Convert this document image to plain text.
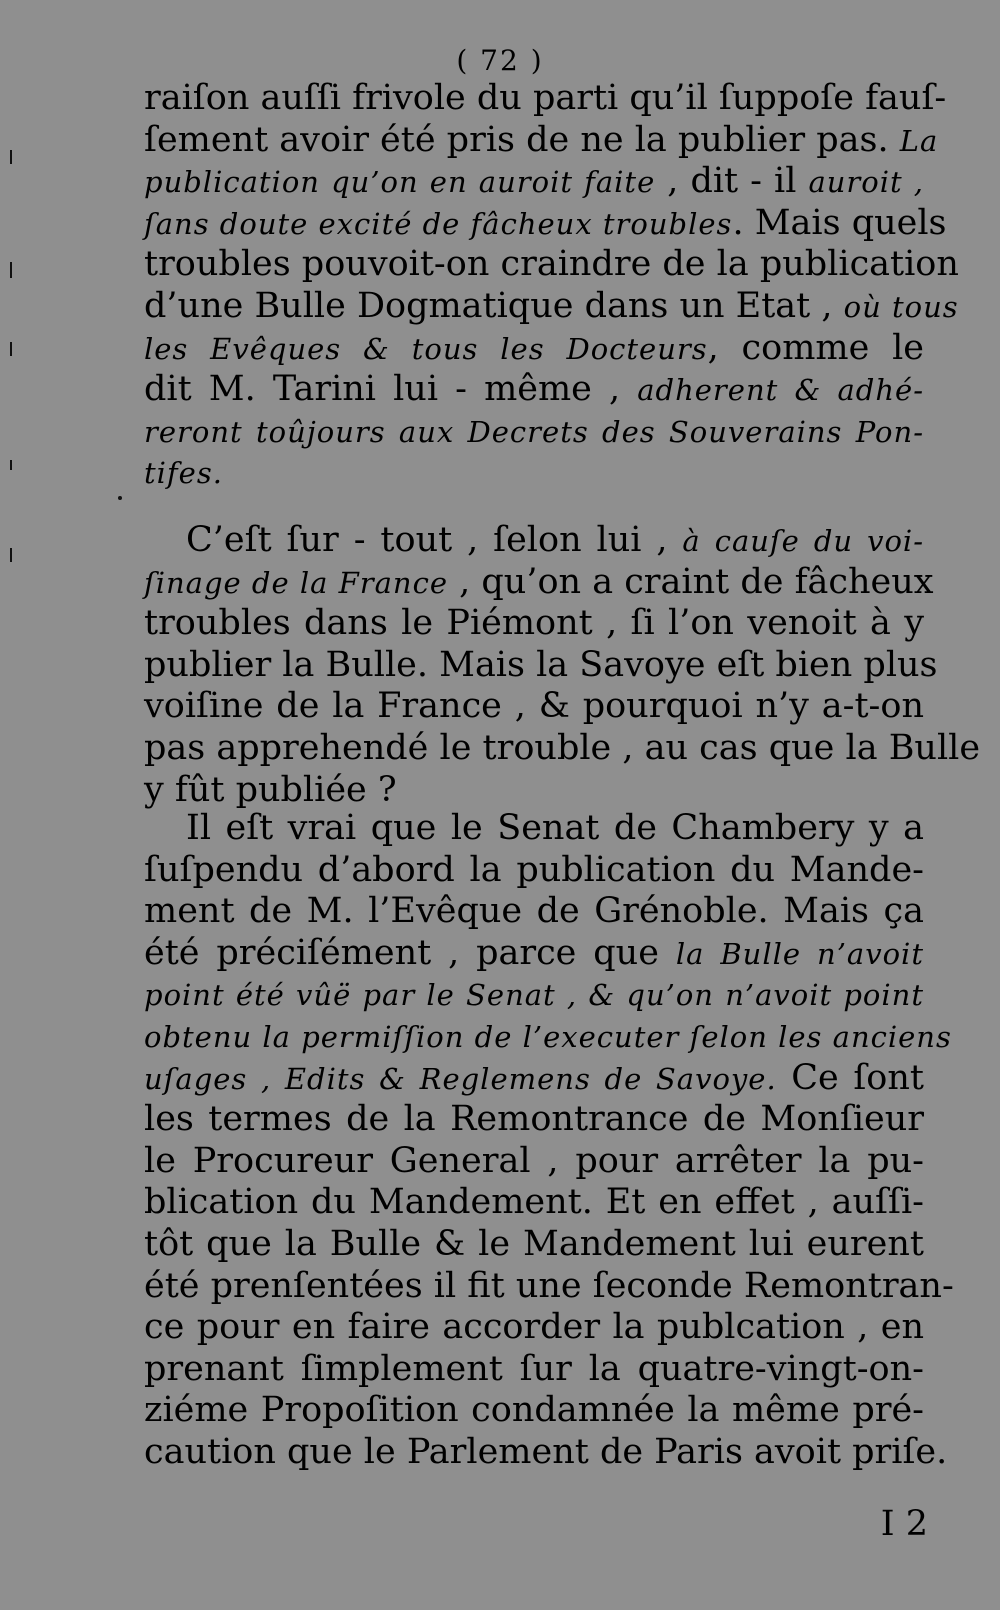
( 72 )
raiſon auſſi frivole du parti qu’il ſuppoſe fauſ-
ſement avoir été pris de ne la publier pas. La
publication qu’on en auroit faite , dit - il auroit ,
ſans doute excité de fâcheux troubles. Mais quels
troubles pouvoit-on craindre de la publication
d’une Bulle Dogmatique dans un Etat , où tous
les Evêques & tous les Docteurs, comme le
dit M. Tarini lui - même , adherent & adhé-
reront toûjours aux Decrets des Souverains Pon-
tifes.
C’eſt ſur - tout , ſelon lui , à cauſe du voi-
ſinage de la France , qu’on a craint de fâcheux
troubles dans le Piémont , ſi l’on venoit à y
publier la Bulle. Mais la Savoye eſt bien plus
voiſine de la France , & pourquoi n’y a-t-on
pas apprehendé le trouble , au cas que la Bulle
y fût publiée ?
Il eſt vrai que le Senat de Chambery y a
ſuſpendu d’abord la publication du Mande-
ment de M. l’Evêque de Grénoble. Mais ça
été préciſément , parce que la Bulle n’avoit
point été vûë par le Senat , & qu’on n’avoit point
obtenu la permiſſion de l’executer ſelon les anciens
uſages , Edits & Reglemens de Savoye. Ce ſont
les termes de la Remontrance de Monſieur
le Procureur General , pour arrêter la pu-
blication du Mandement. Et en effet , auſſi-
tôt que la Bulle & le Mandement lui eurent
été prenſentées il fit une ſeconde Remontran-
ce pour en faire accorder la publcation , en
prenant ſimplement ſur la quatre-vingt-on-
ziéme Propoſition condamnée la même pré-
caution que le Parlement de Paris avoit priſe.
I 2
